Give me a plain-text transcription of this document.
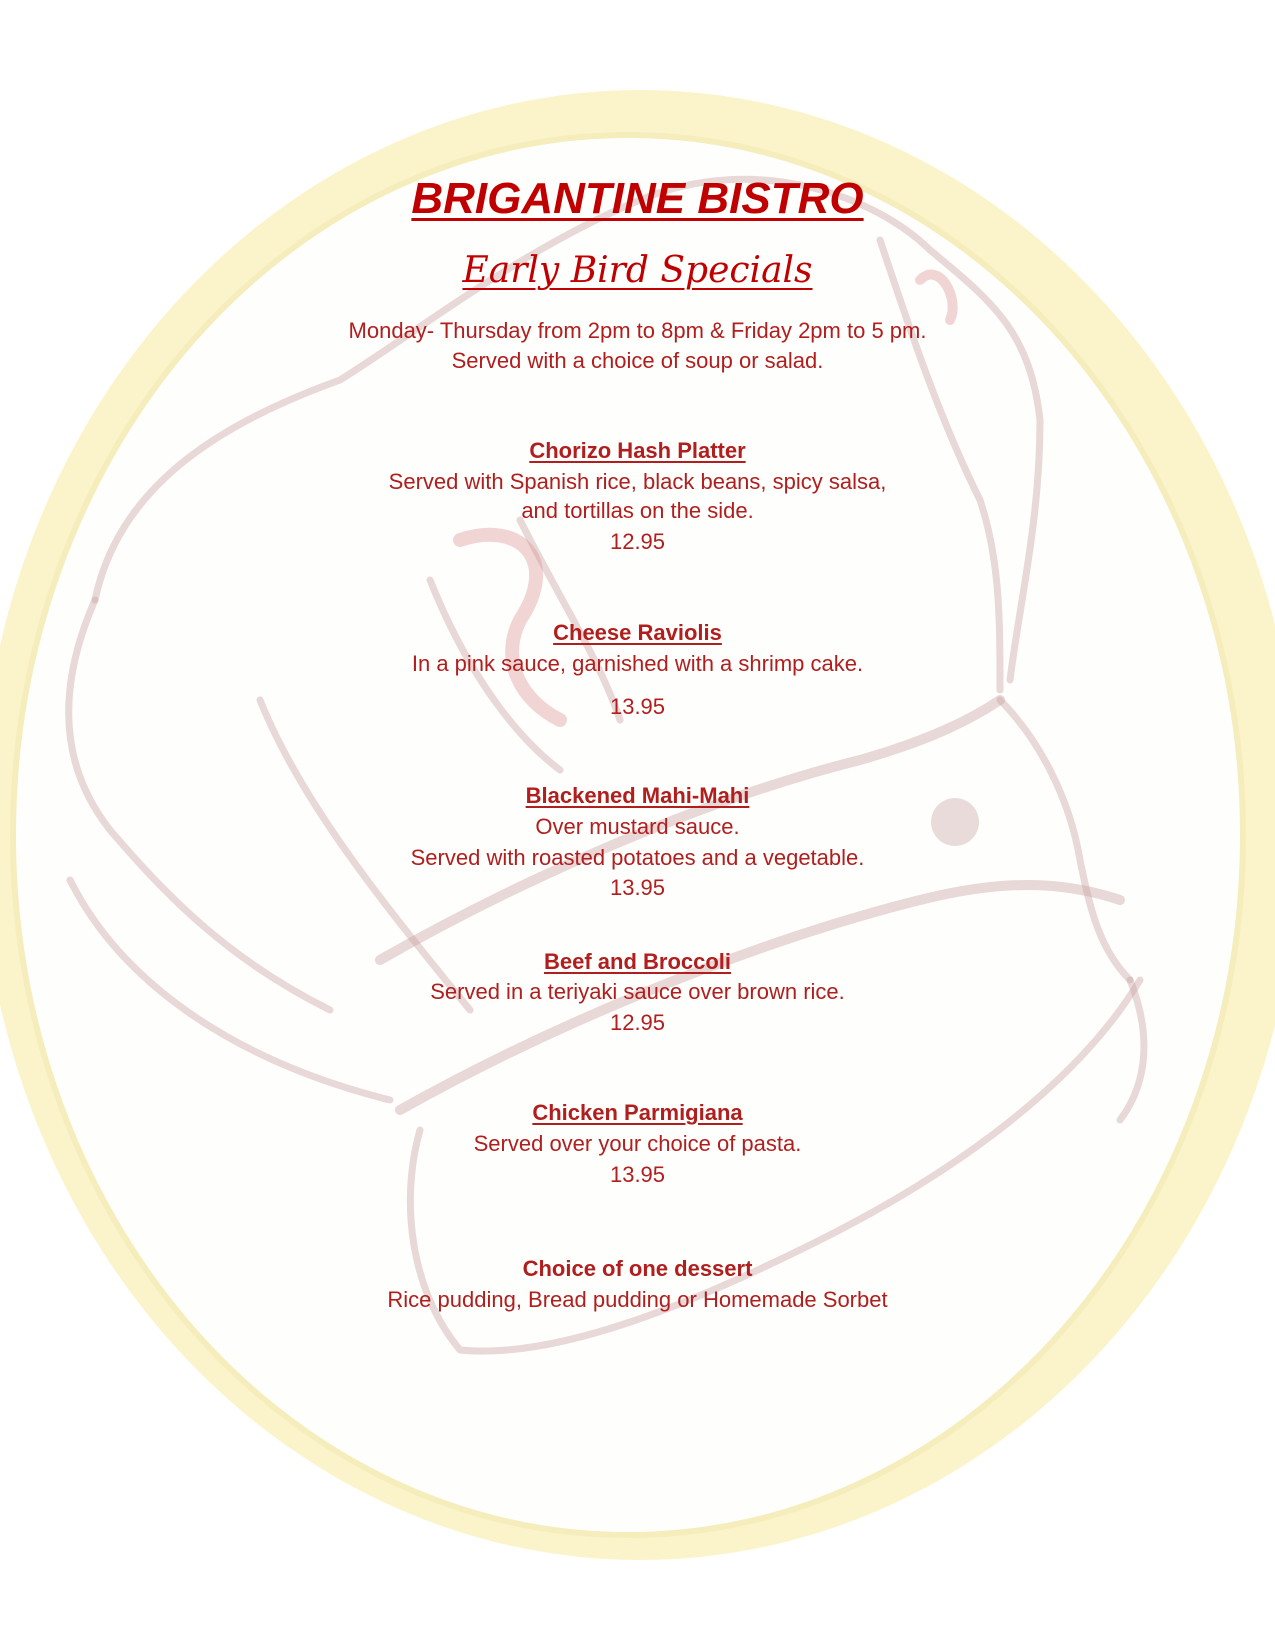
BRIGANTINE BISTRO
Early Bird Specials
Monday- Thursday from 2pm to 8pm & Friday 2pm to 5 pm.
Served with a choice of soup or salad.
Chorizo Hash Platter
Served with Spanish rice, black beans, spicy salsa,
and tortillas on the side.
12.95
Cheese Raviolis
In a pink sauce, garnished with a shrimp cake.
13.95
Blackened Mahi-Mahi
Over mustard sauce.
Served with roasted potatoes and a vegetable.
13.95
Beef and Broccoli
Served in a teriyaki sauce over brown rice.
12.95
Chicken Parmigiana
Served over your choice of pasta.
13.95
Choice of one dessert
Rice pudding, Bread pudding or Homemade Sorbet
